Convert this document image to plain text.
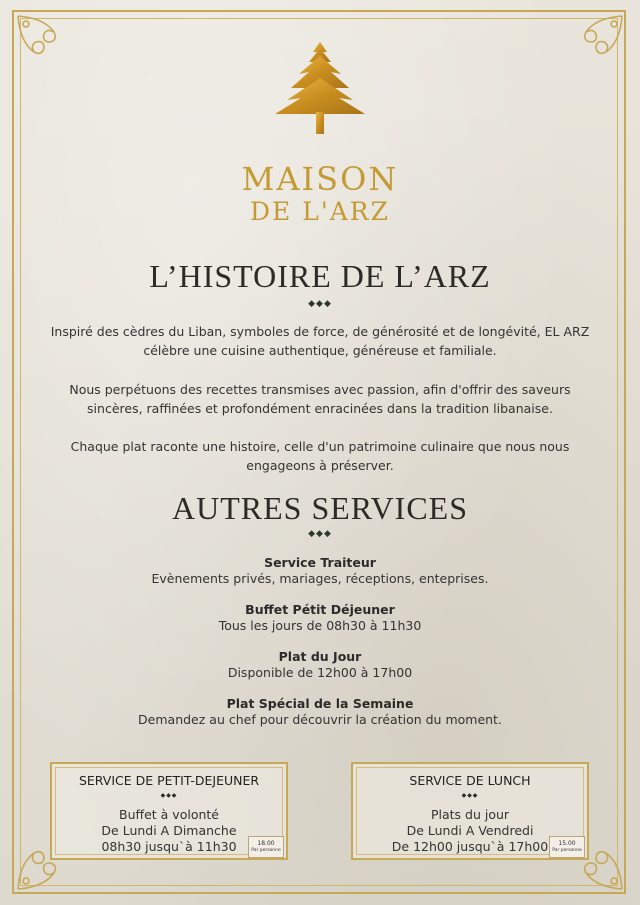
MAISON
DE L'ARZ
L’HISTOIRE DE L’ARZ
◆◆◆
Inspiré des cèdres du Liban, symboles de force, de générosité et de longévité, EL ARZ
célèbre une cuisine authentique, généreuse et familiale.
Nous perpétuons des recettes transmises avec passion, afin d'offrir des saveurs
sincères, raffinées et profondément enracinées dans la tradition libanaise.
Chaque plat raconte une histoire, celle d'un patrimoine culinaire que nous nous
engageons à préserver.
AUTRES SERVICES
◆◆◆
Service Traiteur
Evènements privés, mariages, réceptions, enteprises.
Buffet Pétit Déjeuner
Tous les jours de 08h30 à 11h30
Plat du Jour
Disponible de 12h00 à 17h00
Plat Spécial de la Semaine
Demandez au chef pour découvrir la création du moment.
SERVICE DE PETIT-DEJEUNER
◆◆◆
Buffet à volonté
De Lundi A Dimanche
08h30 jusqu`à 11h30	18.00
Par personne
SERVICE DE LUNCH
◆◆◆
Plats du jour
De Lundi A Vendredi
De 12h00 jusqu`à 17h00	15.00
Par personne
